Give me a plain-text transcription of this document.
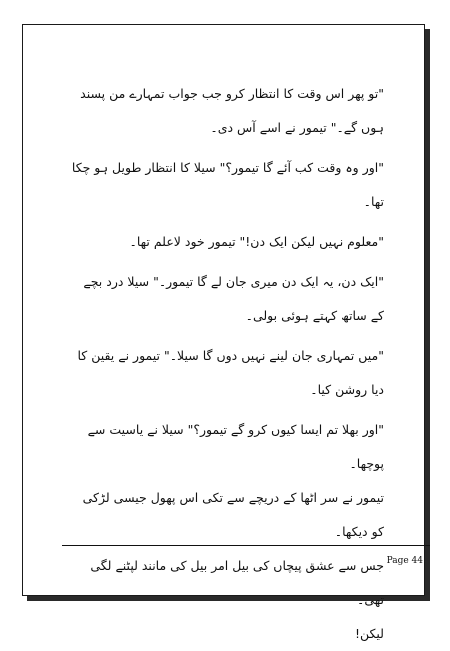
"تو پھر اس وقت کا انتظار کرو جب جواب تمہارے من پسند ہوں گے۔" تیمور نے اسے آس دی۔

"اور وہ وقت کب آئے گا تیمور؟" سیلا کا انتظار طویل ہو چکا تھا۔

"معلوم نہیں لیکن ایک دن!" تیمور خود لاعلم تھا۔

"ایک دن، یہ ایک دن میری جان لے گا تیمور۔" سیلا درد بچے کے ساتھ کہتے ہوئی بولی۔

"میں تمہاری جان لینے نہیں دوں گا سیلا۔" تیمور نے یقین کا دیا روشن کیا۔

"اور بھلا تم ایسا کیوں کرو گے تیمور؟" سیلا نے یاسیت سے پوچھا۔

تیمور نے سر اٹھا کے دریچے سے تکی اس پھول جیسی لڑکی کو دیکھا۔

جس سے عشق پیچاں کی بیل امر بیل کی مانند لپٹنے لگی تھی۔

لیکن!

Page 44
